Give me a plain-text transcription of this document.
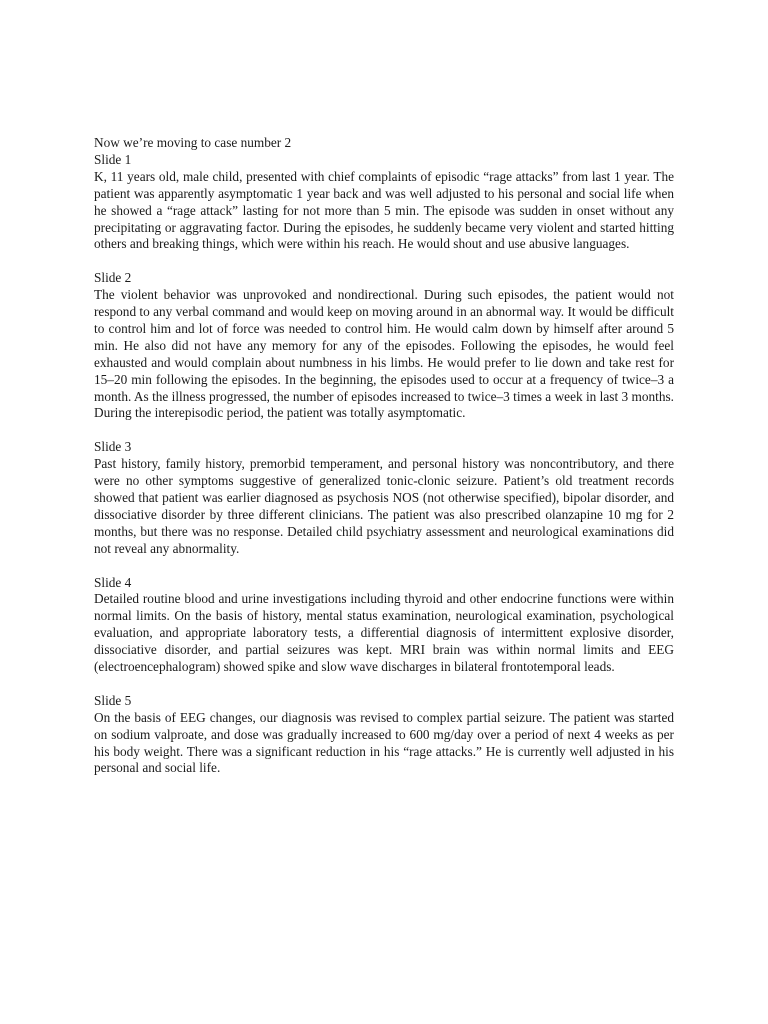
Now we’re moving to case number 2

Slide 1

K, 11 years old, male child, presented with chief complaints of episodic “rage attacks” from last 1 year. The patient was apparently asymptomatic 1 year back and was well adjusted to his personal and social life when he showed a “rage attack” lasting for not more than 5 min. The episode was sudden in onset without any precipitating or aggravating factor. During the episodes, he suddenly became very violent and started hitting others and breaking things, which were within his reach. He would shout and use abusive languages.

Slide 2

The violent behavior was unprovoked and nondirectional. During such episodes, the patient would not respond to any verbal command and would keep on moving around in an abnormal way. It would be difficult to control him and lot of force was needed to control him. He would calm down by himself after around 5 min. He also did not have any memory for any of the episodes. Following the episodes, he would feel exhausted and would complain about numbness in his limbs. He would prefer to lie down and take rest for 15–20 min following the episodes. In the beginning, the episodes used to occur at a frequency of twice–3 a month. As the illness progressed, the number of episodes increased to twice–3 times a week in last 3 months. During the interepisodic period, the patient was totally asymptomatic.

Slide 3

Past history, family history, premorbid temperament, and personal history was noncontributory, and there were no other symptoms suggestive of generalized tonic-clonic seizure. Patient’s old treatment records showed that patient was earlier diagnosed as psychosis NOS (not otherwise specified), bipolar disorder, and dissociative disorder by three different clinicians. The patient was also prescribed olanzapine 10 mg for 2 months, but there was no response. Detailed child psychiatry assessment and neurological examinations did not reveal any abnormality.

Slide 4

Detailed routine blood and urine investigations including thyroid and other endocrine functions were within normal limits. On the basis of history, mental status examination, neurological examination, psychological evaluation, and appropriate laboratory tests, a differential diagnosis of intermittent explosive disorder, dissociative disorder, and partial seizures was kept. MRI brain was within normal limits and EEG (electroencephalogram) showed spike and slow wave discharges in bilateral frontotemporal leads.

Slide 5

On the basis of EEG changes, our diagnosis was revised to complex partial seizure. The patient was started on sodium valproate, and dose was gradually increased to 600 mg/day over a period of next 4 weeks as per his body weight. There was a significant reduction in his “rage attacks.” He is currently well adjusted in his personal and social life.
